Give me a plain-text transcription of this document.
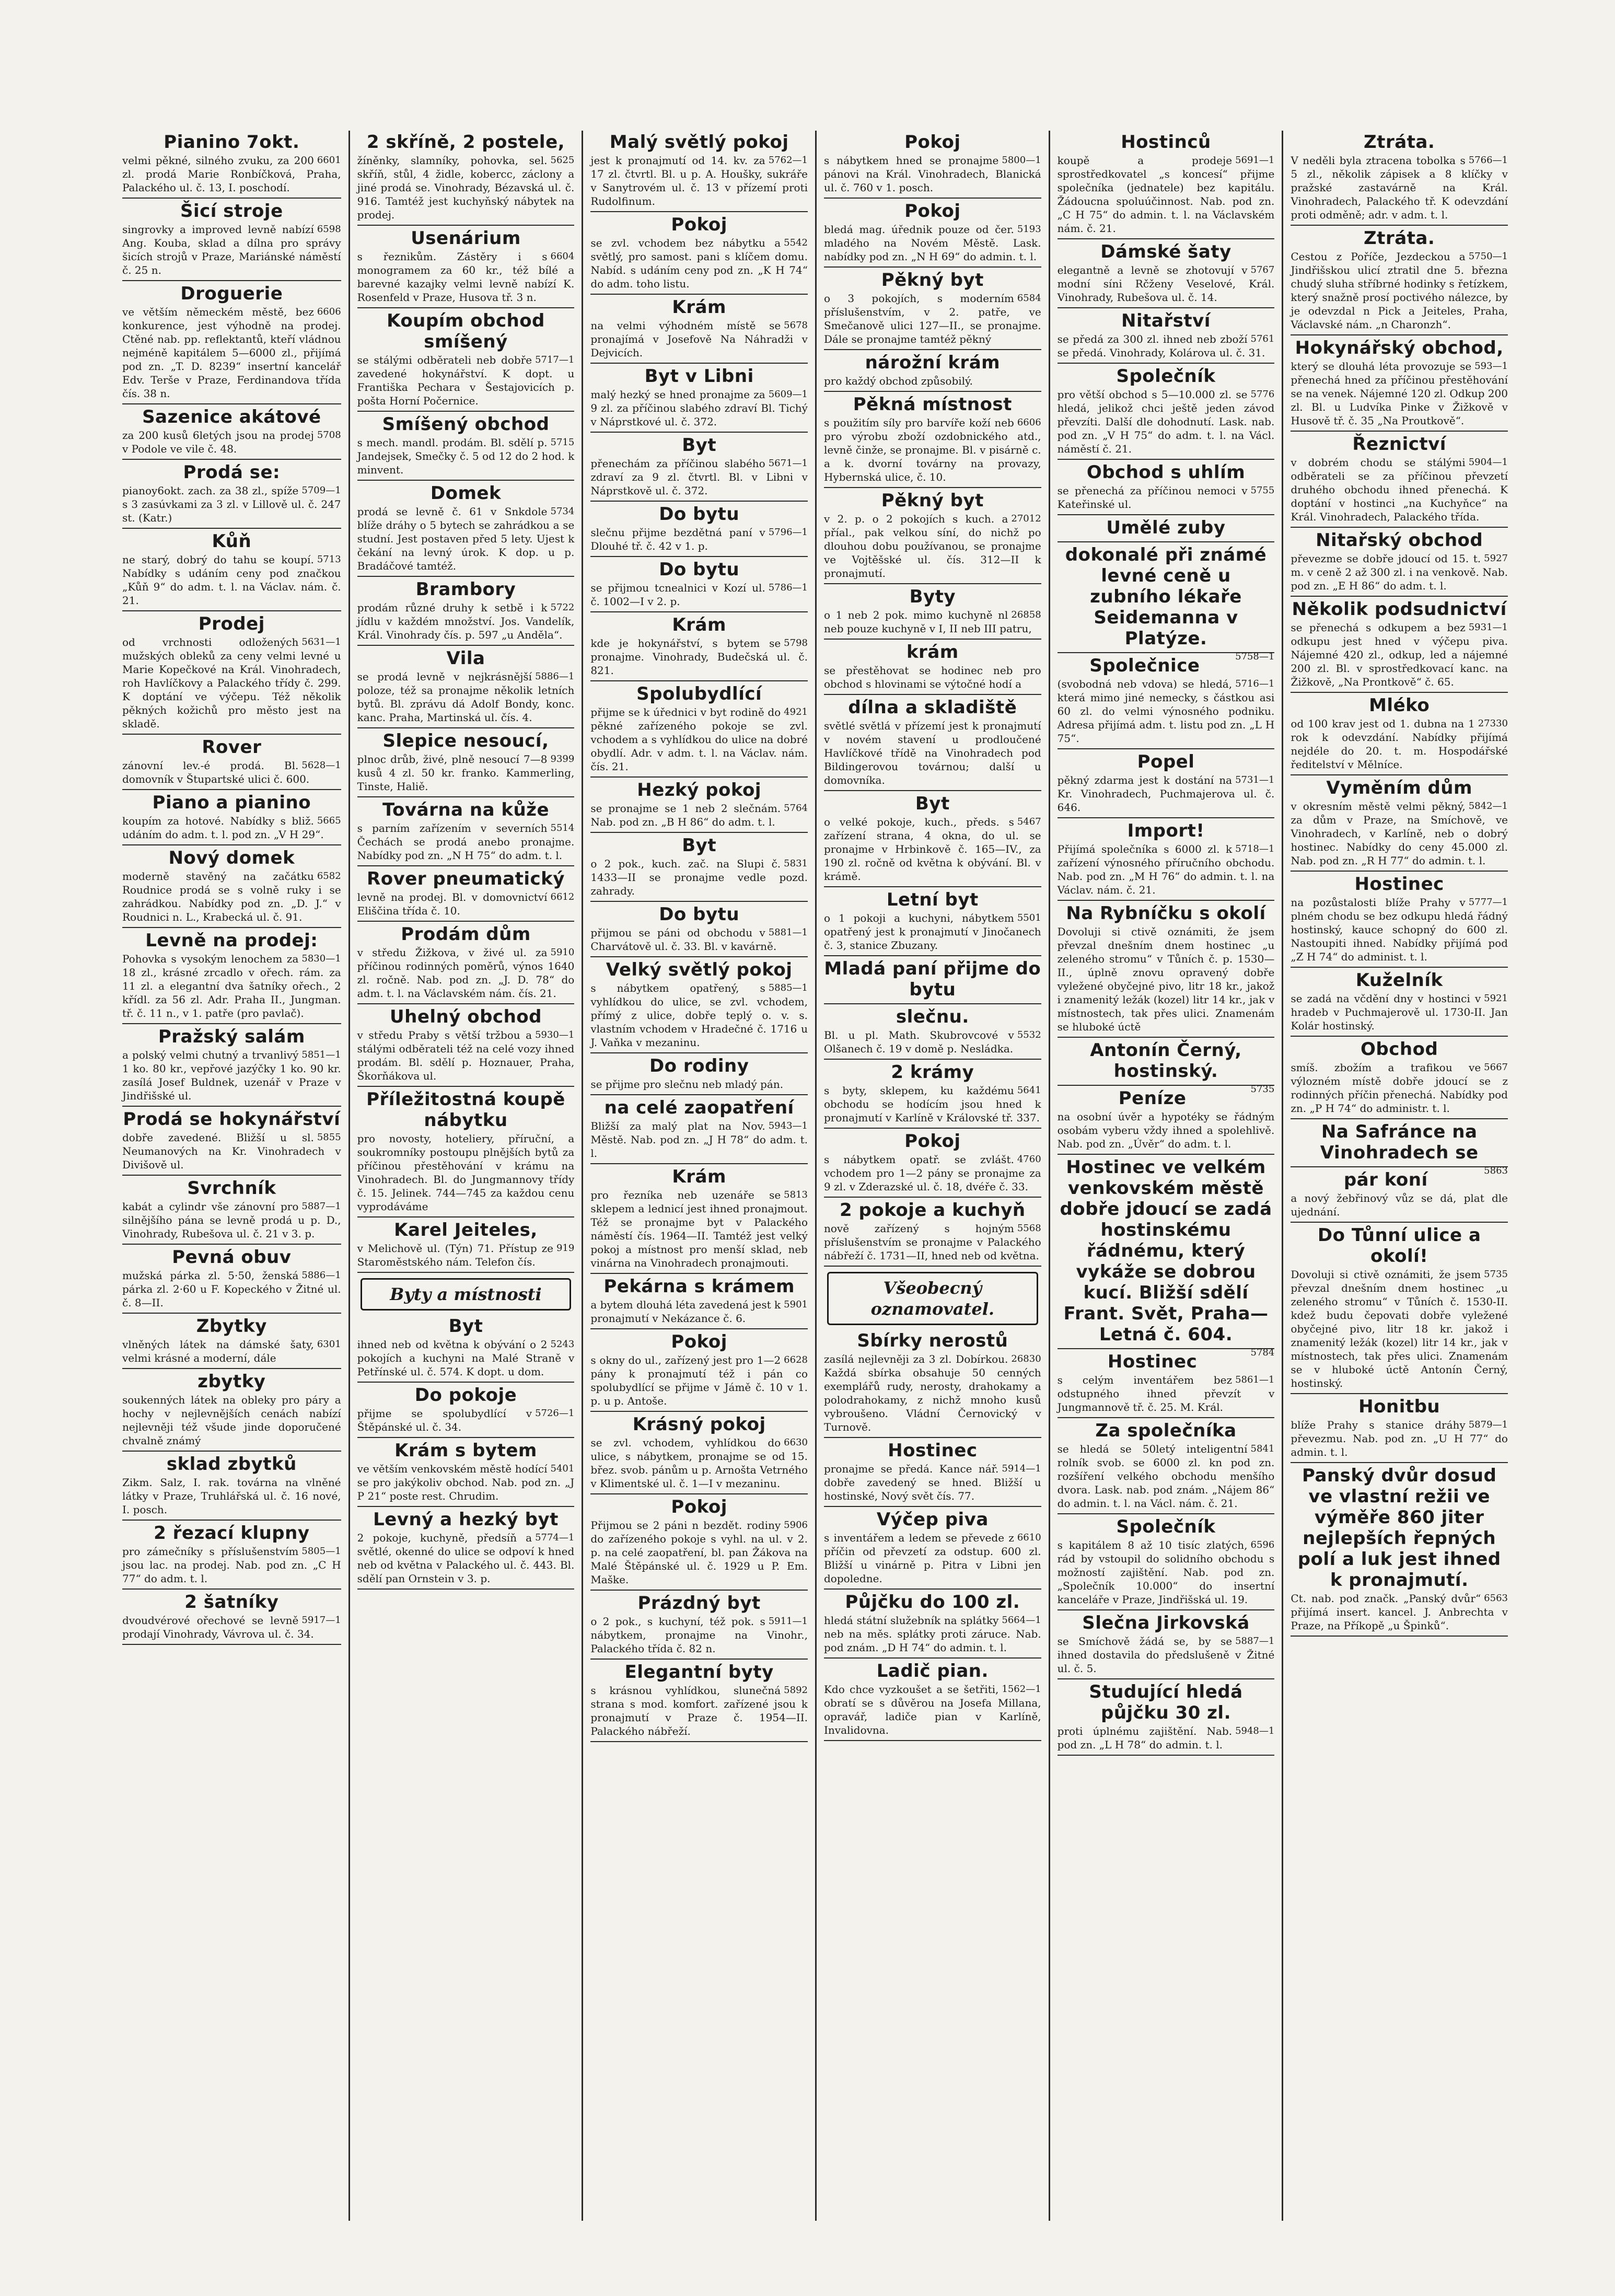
Pianino 7okt.
6601
velmi pěkné, silného zvuku, za 200 zl. prodá Marie Ronbíčková, Praha, Palackého ul. č. 13, I. poschodí.
Šicí stroje
6598
singrovky a improved levně nabízí Ang. Kouba, sklad a dílna pro správy šicích strojů v Praze, Mariánské náměstí č. 25 n.
Droguerie
6606
ve větším německém městě, bez konkurence, jest výhodně na prodej. Ctěné nab. pp. reflektantů, kteří vládnou nejméně kapitálem 5—6000 zl., přijímá pod zn. „T. D. 8239“ insertní kancelář Edv. Terše v Praze, Ferdinandova třída čís. 38 n.
Sazenice akátové
5708
za 200 kusů 6letých jsou na prodej v Podole ve vile č. 48.
Prodá se:
5709—1
pianoy6okt. zach. za 38 zl., spíže s 3 zasúvkami za 3 zl. v Lillově ul. č. 247 st. (Katr.)
Kůň
5713
ne starý, dobrý do tahu se koupí. Nabídky s udáním ceny pod značkou „Kůň 9“ do adm. t. l. na Václav. nám. č. 21.
Prodej
5631—1
od vrchnosti odložených mužských obleků za ceny velmi levné u Marie Kopečkové na Král. Vinohradech, roh Havlíčkovy a Palackého třídy č. 299. K doptání ve výčepu. Též několik pěkných kožichů pro město jest na skladě.
Rover
5628—1
zánovní lev.-é prodá. Bl. domovník v Štupartské ulici č. 600.
Piano a pianino
5665
koupím za hotové. Nabídky s bliž. udáním do adm. t. l. pod zn. „V H 29“.
Nový domek
6582
moderně stavěný na začátku Roudnice prodá se s volně ruky i se zahrádkou. Nabídky pod zn. „D. J.“ v Roudnici n. L., Krabecká ul. č. 91.
Levně na prodej:
5830—1
Pohovka s vysokým lenochem za 18 zl., krásné zrcadlo v ořech. rám. za 11 zl. a elegantní dva šatníky ořech., 2 křídl. za 56 zl. Adr. Praha II., Jungman. tř. č. 11 n., v 1. patře (pro pavlač).
Pražský salám
5851—1
a polský velmi chutný a trvanlivý 1 ko. 80 kr., vepřové jazýčky 1 ko. 90 kr. zasílá Josef Buldnek, uzenář v Praze v Jindřišské ul.
Prodá se hokynářství
5855
dobře zavedené. Bližší u sl. Neumanových na Kr. Vinohradech v Divišově ul.
Svrchník
5887—1
kabát a cylindr vše zánovní pro silnějšího pána se levně prodá u p. D., Vinohrady, Rubešova ul. č. 21 v 3. p.
Pevná obuv
5886—1
mužská párka zl. 5·50, ženská párka zl. 2·60 u F. Kopeckého v Žitné ul. č. 8—II.
Zbytky
6301
vlněných látek na dámské šaty, velmi krásné a moderní, dále
zbytky
soukenných látek na obleky pro páry a hochy v nejlevnějších cenách nabízí nejlevněji též všude jinde doporučené chvalně známý
sklad zbytků
Zikm. Salz, I. rak. továrna na vlněné látky v Praze, Truhlářská ul. č. 16 nové, I. posch.
2 řezací klupny
5805—1
pro zámečníky s příslušenstvím jsou lac. na prodej. Nab. pod zn. „C H 77“ do adm. t. l.
2 šatníky
5917—1
dvoudvérové ořechové se levně prodají Vinohrady, Vávrova ul. č. 34.
2 skříně, 2 postele,
5625
žíněnky, slamníky, pohovka, sel. skříň, stůl, 4 židle, kobercc, záclony a jiné prodá se. Vinohrady, Bézavská ul. č. 916. Tamtéž jest kuchyňský nábytek na prodej.
Usenárium
6604
s řeznikům. Zástěry i s monogramem za 60 kr., též bílé a barevné kazajky velmi levně nabízí K. Rosenfeld v Praze, Husova tř. 3 n.
Koupím obchod smíšený
5717—1
se stálými odběrateli neb dobře zavedené hokynářství. K dopt. u Františka Pechara v Šestajovicích p. pošta Horní Počernice.
Smíšený obchod
5715
s mech. mandl. prodám. Bl. sdělí p. Jandejsek, Smečky č. 5 od 12 do 2 hod. k minvent.
Domek
5734
prodá se levně č. 61 v Snkdole blíže dráhy o 5 bytech se zahrádkou a se studní. Jest postaven před 5 lety. Ujest k čekání na levný úrok. K dop. u p. Bradáčové tamtéž.
Brambory
5722
prodám různé druhy k setbě i k jídlu v každém množství. Jos. Vandelík, Král. Vinohrady čís. p. 597 „u Anděla“.
Vila
5886—1
se prodá levně v nejkrásnější poloze, též sa pronajme několik letních bytů. Bl. zprávu dá Adolf Bondy, konc. kanc. Praha, Martinská ul. čís. 4.
Slepice nesoucí,
9399
plnoc drůb, živé, plně nesoucí 7—8 kusů 4 zl. 50 kr. franko. Kammerling, Tinste, Haliě.
Továrna na kůže
5514
s parním zařízením v severních Čechách se prodá anebo pronajme. Nabídky pod zn. „N H 75“ do adm. t. l.
Rover pneumatický
6612
levně na prodej. Bl. v domovnictví Eliščina třída č. 10.
Prodám dům
5910
v středu Žižkova, v živé ul. za příčinou rodinných poměrů, výnos 1640 zl. ročně. Nab. pod zn. „J. D. 78“ do adm. t. l. na Václavském nám. čís. 21.
Uhelný obchod
5930—1
v středu Praby s větší tržbou a stálými odběrateli též na celé vozy ihned prodám. Bl. sdělí p. Hoznauer, Praha, Škorňákova ul.
Příležitostná koupě nábytku
pro novosty, hoteliery, příruční, a soukromníky postoupu plnějších bytů za příčinou přestěhování v krámu na Vinohradech. Bl. do Jungmannovy třídy č. 15. Jelinek. 744—745 za každou cenu vyprodáváme
Karel Jeiteles,
919
v Melichově ul. (Týn) 71. Přístup ze Staroměstského nám. Telefon čís.
Byty a místnosti
Byt
5243
ihned neb od května k obývání o 2 pokojích a kuchyni na Malé Straně v Petřínské ul. č. 574. K dopt. u dom.
Do pokoje
5726—1
přijme se spolubydlící v Štěpánské ul. č. 34.
Krám s bytem
5401
ve větším venkovském městě hodící se pro jakýkoliv obchod. Nab. pod zn. „J P 21“ poste rest. Chrudim.
Levný a hezký byt
5774—1
2 pokoje, kuchyně, předsíň a světlé, okenné do ulice se odpoví k hned neb od května v Palackého ul. č. 443. Bl. sdělí pan Ornstein v 3. p.
Malý světlý pokoj
5762—1
jest k pronajmutí od 14. kv. za 17 zl. čtvrtl. Bl. u p. A. Houšky, sukráře v Sanytrovém ul. č. 13 v přízemí proti Rudolfinum.
Pokoj
5542
se zvl. vchodem bez nábytku a světlý, pro samost. pani s klíčem domu. Nabíd. s udáním ceny pod zn. „K H 74“ do adm. toho listu.
Krám
5678
na velmi výhodném místě se pronajímá v Josefově Na Náhradži v Dejvicích.
Byt v Libni
5609—1
malý hezký se hned pronajme za 9 zl. za příčinou slabého zdraví Bl. Tichý v Náprstkové ul. č. 372.
Byt
5671—1
přenechám za příčinou slabého zdraví za 9 zl. čtvrtl. Bl. v Libni v Náprstkově ul. č. 372.
Do bytu
5796—1
slečnu přijme bezdětná paní v Dlouhé tř. č. 42 v 1. p.
Do bytu
5786—1
se přijmou tcnealnici v Kozí ul. č. 1002—I v 2. p.
Krám
5798
kde je hokynářství, s bytem se pronajme. Vinohrady, Budečská ul. č. 821.
Spolubydlící
4921
přijme se k úřednici v byt rodině do pěkné zařízeného pokoje se zvl. vchodem a s vyhlídkou do ulice na dobré obydlí. Adr. v adm. t. l. na Václav. nám. čís. 21.
Hezký pokoj
5764
se pronajme se 1 neb 2 slečnám. Nab. pod zn. „B H 86“ do adm. t. l.
Byt
5831
o 2 pok., kuch. zač. na Slupi č. 1433—II se pronajme vedle pozd. zahrady.
Do bytu
5881—1
přijmou se páni od obchodu v Charvátově ul. č. 33. Bl. v kavárně.
Velký světlý pokoj
5885—1
s nábytkem opatřený, s vyhlídkou do ulice, se zvl. vchodem, přímý z ulice, dobře teplý o. v. s. vlastním vchodem v Hradečné č. 1716 u J. Vaňka v mezaninu.
Do rodiny
se přijme pro slečnu neb mladý pán.
na celé zaopatření
5943—1
Bližší za malý plat na Nov. Městě. Nab. pod zn. „J H 78“ do adm. t. l.
Krám
5813
pro řezníka neb uzenáře se sklepem a lednicí jest ihned pronajmout. Též se pronajme byt v Palackého náměstí čís. 1964—II. Tamtéž jest velký pokoj a místnost pro menší sklad, neb vinárna na Vinohradech pronajmouti.
Pekárna s krámem
5901
a bytem dlouhá léta zavedená jest k pronajmutí v Nekázance č. 6.
Pokoj
6628
s okny do ul., zařízený jest pro 1—2 pány k pronajmutí též i pán co spolubydlící se přijme v Jámě č. 10 v 1. p. u p. Antoše.
Krásný pokoj
6630
se zvl. vchodem, vyhlídkou do ulice, s nábytkem, pronajme se od 15. břez. svob. pánům u p. Arnošta Vetrného v Klimentské ul. č. 1—I v mezaninu.
Pokoj
5906
Přijmou se 2 páni n bezdět. rodiny do zařízeného pokoje s vyhl. na ul. v 2. p. na celé zaopatření, bl. pan Žákova na Malé Štěpánské ul. č. 1929 u P. Em. Maške.
Prázdný byt
5911—1
o 2 pok., s kuchyní, též pok. s nábytkem, pronajme na Vinohr., Palackého třída č. 82 n.
Elegantní byty
5892
s krásnou vyhlídkou, slunečná strana s mod. komfort. zařízené jsou k pronajmutí v Praze č. 1954—II. Palackého nábřeží.
Pokoj
5800—1
s nábytkem hned se pronajme pánovi na Král. Vinohradech, Blanická ul. č. 760 v 1. posch.
Pokoj
5193
bledá mag. úřednik pouze od čer. mladého na Novém Městě. Lask. nabídky pod zn. „N H 69“ do admin. t. l.
Pěkný byt
6584
o 3 pokojích, s moderním příslušenstvím, v 2. patře, ve Smečanově ulici 127—II., se pronajme. Dále se pronajme tamtéž pěkný
nárožní krám
pro každý obchod způsobilý.
Pěkná místnost
6606
s použitím síly pro barvíře koží neb pro výrobu zboží ozdobnického atd., levně činže, se pronajme. Bl. v pisárně c. a k. dvorní továrny na provazy, Hybernská ulice, č. 10.
Pěkný byt
27012
v 2. p. o 2 pokojích s kuch. a příal., pak velkou síní, do nichž po dlouhou dobu používanou, se pronajme ve Vojtěšské ul. čís. 312—II k pronajmutí.
Byty
26858
o 1 neb 2 pok. mimo kuchyně nl neb pouze kuchyně v I, II neb III patru,
krám
se přestěhovat se hodinec neb pro obchod s hlovinami se výtočné hodí a
dílna a skladiště
světlé světlá v přízemí jest k pronajmutí v novém stavení u prodloučené Havlíčkové třídě na Vinohradech pod Bildingerovou továrnou; další u domovníka.
Byt
5467
o velké pokoje, kuch., předs. s zařízení strana, 4 okna, do ul. se pronajme v Hrbinkově č. 165—IV., za 190 zl. ročně od května k obývání. Bl. v krámě.
Letní byt
5501
o 1 pokoji a kuchyni, nábytkem opatřený jest k pronajmutí v Jinočanech č. 3, stanice Zbuzany.
Mladá paní přijme do bytu
slečnu.
5532
Bl. u pl. Math. Skubrovcové v Olšanech č. 19 v domě p. Nesládka.
2 krámy
5641
s byty, sklepem, ku každému obchodu se hodícím jsou hned k pronajmutí v Karlíně v Královské tř. 337.
Pokoj
4760
s nábytkem opatř. se zvlášt. vchodem pro 1—2 pány se pronajme za 9 zl. v Zderazské ul. č. 18, dvéře č. 33.
2 pokoje a kuchyň
5568
nově zařízený s hojným příslušenstvím se pronajme v Palackého nábřeží č. 1731—II, hned neb od května.
Všeobecný oznamovatel.
Sbírky nerostů
26830
zasílá nejlevněji za 3 zl. Dobírkou. Každá sbírka obsahuje 50 cenných exemplářů rudy, nerosty, drahokamy a polodrahokamy, z nichž mnoho kusů vybroušeno. Vládní Černovický v Turnově.
Hostinec
5914—1
pronajme se předá. Kance nář. dobře zavedený se hned. Bližší u hostinské, Nový svět čís. 77.
Výčep piva
6610
s inventářem a ledem se převede z příčin od převzetí za odstup. 600 zl. Bližší u vinárně p. Pitra v Libni jen dopoledne.
Půjčku do 100 zl.
5664—1
hledá státní služebník na splátky neb na měs. splátky proti záruce. Nab. pod znám. „D H 74“ do admin. t. l.
Ladič pian.
1562—1
Kdo chce vyzkoušet a se šetřiti, obratí se s důvěrou na Josefa Millana, opravář, ladiče pian v Karlíně, Invalidovna.
Hostinců
5691—1
koupě a prodeje sprostředkovatel „s koncesí“ přijme společníka (jednatele) bez kapitálu. Žádoucna spoluúčinnost. Nab. pod zn. „C H 75“ do admin. t. l. na Václavském nám. č. 21.
Dámské šaty
5767
elegantně a levně se zhotovují v modní síni Rčženy Veselové, Král. Vinohrady, Rubešova ul. č. 14.
Nitařství
5761
se předá za 300 zl. ihned neb zboží se předá. Vinohrady, Kolárova ul. č. 31.
Společník
5776
pro větší obchod s 5—10.000 zl. se hledá, jelikož chci ještě jeden závod převzíti. Další dle dohodnutí. Lask. nab. pod zn. „V H 75“ do adm. t. l. na Václ. náměstí č. 21.
Obchod s uhlím
5755
se přenechá za příčinou nemoci v Kateřinské ul.
Umělé zuby
dokonalé při známé levné ceně u zubního lékaře Seidemanna v Platýze.
5758—1
Společnice
5716—1
(svobodná neb vdova) se hledá, která mimo jiné nemecky, s částkou asi 60 zl. do velmi výnosného podniku. Adresa přijímá adm. t. listu pod zn. „L H 75“.
Popel
5731—1
pěkný zdarma jest k dostání na Kr. Vinohradech, Puchmajerova ul. č. 646.
Import!
5718—1
Přijímá společníka s 6000 zl. k zařízení výnosného příručního obchodu. Nab. pod zn. „M H 76“ do admin. t. l. na Václav. nám. č. 21.
Na Rybníčku s okolí
Dovoluji si ctivě oznámiti, že jsem převzal dnešním dnem hostinec „u zeleného stromu“ v Tůních č. p. 1530—II., úplně znovu opravený dobře vyležené obyčejné pivo, litr 18 kr., jakož i znamenitý ležák (kozel) litr 14 kr., jak v místnostech, tak přes ulici. Znamenám se hluboké úctě
Antonín Černý, hostinský.
5735
Peníze
na osobní úvěr a hypotéky se řádným osobám vyberu vždy ihned a spolehlivě. Nab. pod zn. „Úvěr“ do adm. t. l.
Hostinec ve velkém venkovském městě dobře jdoucí se zadá hostinskému řádnému, který vykáže se dobrou kucí. Bližší sdělí Frant. Svět, Praha—Letná č. 604.
5784
Hostinec
5861—1
s celým inventářem bez odstupného ihned převzít v Jungmannově tř. č. 25. M. Král.
Za společníka
5841
se hledá se 50letý inteligentní rolník svob. se 6000 zl. kn pod zn. rozšíření velkého obchodu menšího dvora. Lask. nab. pod znám. „Nájem 86“ do admin. t. l. na Václ. nám. č. 21.
Společník
6596
s kapitálem 8 až 10 tisíc zlatých, rád by vstoupil do solidního obchodu s možností zajištění. Nab. pod zn. „Společník 10.000“ do insertní kanceláře v Praze, Jindřišská ul. 19.
Slečna Jirkovská
5887—1
se Smíchově žádá se, by se ihned dostavila do předslušeně v Žitné ul. č. 5.
Studující hledá půjčku 30 zl.
5948—1
proti úplnému zajištění. Nab. pod zn. „L H 78“ do admin. t. l.
Ztráta.
5766—1
V neděli byla ztracena tobolka s 5 zl., několik zápisek a 8 klíčky v pražské zastavárně na Král. Vinohradech, Palackého tř. K odevzdání proti odměně; adr. v adm. t. l.
Ztráta.
5750—1
Cestou z Poříče, Jezdeckou a Jindřišskou ulicí ztratil dne 5. března chudý sluha stříbrné hodinky s řetízkem, který snažně prosí poctivého nálezce, by je odevzdal n Pick a Jeiteles, Praha, Václavské nám. „n Charonzh“.
Hokynářský obchod,
593—1
který se dlouhá léta provozuje se přenechá hned za příčinou přestěhování se na venek. Nájemné 120 zl. Odkup 200 zl. Bl. u Ludvíka Pinke v Žižkově v Husově tř. č. 35 „Na Proutkově“.
Řeznictví
5904—1
v dobrém chodu se stálými odběrateli se za příčinou převzetí druhého obchodu ihned přenechá. K doptání v hostinci „na Kuchyňce“ na Král. Vinohradech, Palackého třída.
Nitařský obchod
5927
převezme se dobře jdoucí od 15. t. m. v ceně 2 až 300 zl. i na venkově. Nab. pod zn. „E H 86“ do adm. t. l.
Několik podsudnictví
5931—1
se přenechá s odkupem a bez odkupu jest hned v výčepu piva. Nájemné 420 zl., odkup, led a nájemné 200 zl. Bl. v sprostředkovací kanc. na Žižkově, „Na Prontkově“ č. 65.
Mléko
27330
od 100 krav jest od 1. dubna na 1 rok k odevzdání. Nabídky přijímá nejdéle do 20. t. m. Hospodářské ředitelství v Mělníce.
Vyměním dům
5842—1
v okresním městě velmi pěkný, za dům v Praze, na Smíchově, ve Vinohradech, v Karlíně, neb o dobrý hostinec. Nabídky do ceny 45.000 zl. Nab. pod zn. „R H 77“ do admin. t. l.
Hostinec
5777—1
na pozůstalosti blíže Prahy v plném chodu se bez odkupu hledá řádný hostinský, kauce schopný do 600 zl. Nastoupiti ihned. Nabídky přijímá pod „Z H 74“ do administ. t. l.
Kuželník
5921
se zadá na včdění dny v hostinci v hradeb v Puchmajerově ul. 1730-II. Jan Kolár hostinský.
Obchod
5667
smíš. zbožím a trafikou ve výlozném místě dobře jdoucí se z rodinných příčin přenechá. Nabídky pod zn. „P H 74“ do administr. t. l.
Na Safránce na Vinohradech se
5863
pár koní
a nový žebřinový vůz se dá, plat dle ujednání.
Do Tůnní ulice a okolí!
5735
Dovoluji si ctivě oznámiti, že jsem převzal dnešním dnem hostinec „u zeleného stromu“ v Tůních č. 1530-II. kdež budu čepovati dobře vyležené obyčejné pivo, litr 18 kr. jakož i znamenitý ležák (kozel) litr 14 kr., jak v místnostech, tak přes ulici. Znamenám se v hluboké úctě Antonín Černý, hostinský.
Honitbu
5879—1
blíže Prahy s stanice dráhy převezmu. Nab. pod zn. „U H 77“ do admin. t. l.
Panský dvůr dosud ve vlastní režii ve výměře 860 jiter nejlepších řepných polí a luk jest ihned k pronajmutí.
6563
Ct. nab. pod značk. „Panský dvůr“ přijímá insert. kancel. J. Anbrechta v Praze, na Příkopě „u Špinků“.
